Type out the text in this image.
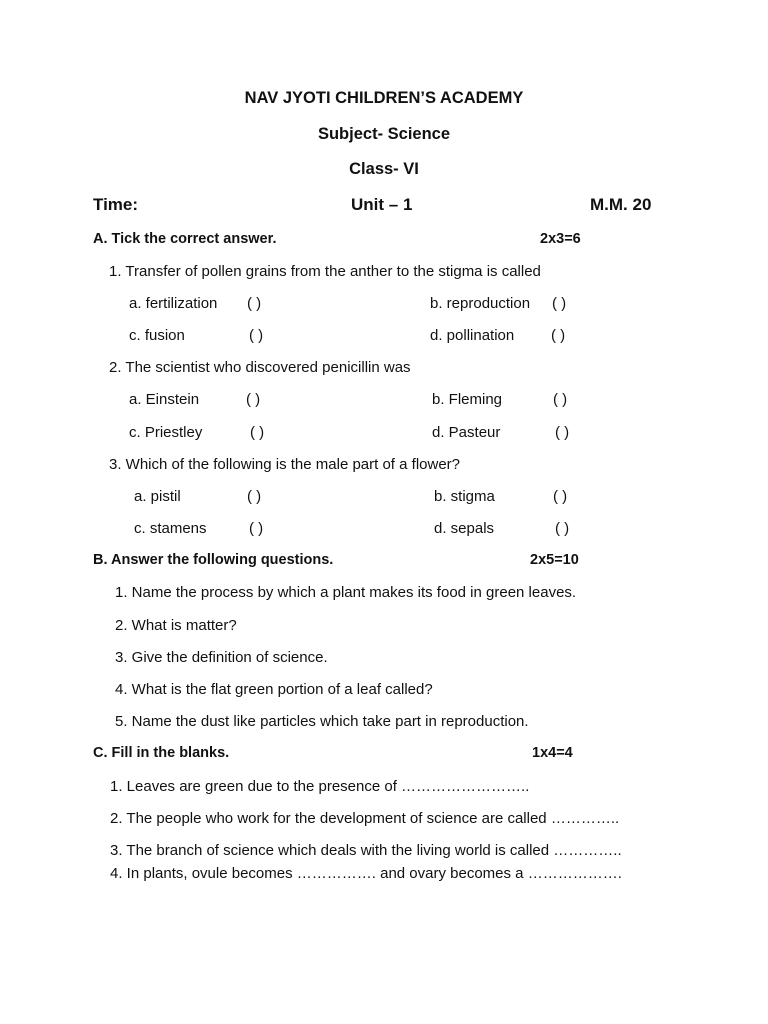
NAV JYOTI CHILDREN’S ACADEMY
Subject- Science
Class- VI
Time:	Unit – 1	M.M. 20
A. Tick the correct answer.	2x3=6
1. Transfer of pollen grains from the anther to the stigma is called
a. fertilization ( )	b. reproduction ( )
c. fusion	( )	d. pollination ( )
2. The scientist who discovered penicillin was
a. Einstein	( )	b. Fleming	( )
c. Priestley	( )	d. Pasteur	( )
3. Which of the following is the male part of a flower?
a. pistil	( )	b. stigma	( )
c. stamens	( )	d. sepals	( )
B. Answer the following questions.	2x5=10
1. Name the process by which a plant makes its food in green leaves.
2. What is matter?
3. Give the definition of science.
4. What is the flat green portion of a leaf called?
5. Name the dust like particles which take part in reproduction.
C. Fill in the blanks.	1x4=4
1. Leaves are green due to the presence of ……………………..
2. The people who work for the development of science are called …………..
3. The branch of science which deals with the living world is called …………..
4. In plants, ovule becomes ……………. and ovary becomes a ……………….
